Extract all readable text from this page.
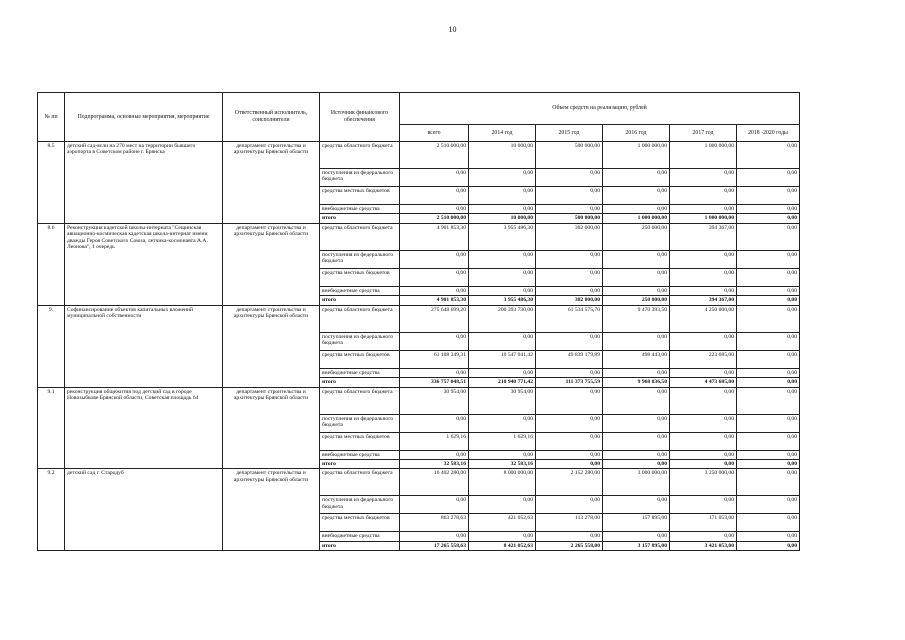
10
№ пп	Подпрограмма, основные мероприятия, мероприятие	Ответственный исполнитель, соисполнители	Источник финансового обеспечения	Объем средств на реализацию, рублей					
				всего	2014 год	2015 год	2016 год	2017 год	2018 -2020 годы
8.5	детский сад-ясли на 270 мест на территории бывшего аэропорта в Советском районе г. Брянска	департамент строительства и архитектуры Брянской области	средства областного бюджета	2 510 000,00	10 000,00	500 000,00	1 000 000,00	1 000 000,00	0,00
			поступления из федерального бюджета	0,00	0,00	0,00	0,00	0,00	0,00
			средства местных бюджетов	0,00	0,00	0,00	0,00	0,00	0,00
			внебюджетные средства	0,00	0,00	0,00	0,00	0,00	0,00
			итого	2 510 000,00	10 000,00	500 000,00	1 000 000,00	1 000 000,00	0,00
8.6	Реконструкция кадетской школы-интерната "Сещинская авиационно-космическая кадетская школа-интернат имени дважды Героя Советского Союза, летчика-космонавта А.А. Леонова", 1 очередь	департамент строительства и архитектуры Брянской области	средства областного бюджета	4 901 853,30	3 955 486,30	302 000,00	250 000,00	394 367,00	0,00
			поступления из федерального бюджета	0,00	0,00	0,00	0,00	0,00	0,00
			средства местных бюджетов	0,00	0,00	0,00	0,00	0,00	0,00
			внебюджетные средства	0,00	0,00	0,00	0,00	0,00	0,00
			итого	4 901 853,30	3 955 486,30	302 000,00	250 000,00	394 367,00	0,00
9.	Софинансирование объектов капитальных вложений муниципальной собственности	департамент строительства и архитектуры Брянской области	средства областного бюджета	275 648 699,20	200 393 730,00	61 534 575,70	9 470 393,50	4 250 000,00	0,00
			поступления из федерального бюджета	0,00	0,00	0,00	0,00	0,00	0,00
			средства местных бюджетов	61 108 349,31	10 547 041,42	49 839 179,89	498 443,00	223 685,00	0,00
			внебюджетные средства	0,00	0,00	0,00	0,00	0,00	0,00
			итого	336 757 048,51	210 940 771,42	111 373 755,59	9 968 836,50	4 473 685,00	0,00
9.1	реконструкция общежития под детский сад в городе Новозыбкове Брянской области, Советская площадь 64	департамент строительства и архитектуры Брянской области	средства областного бюджета	30 954,00	30 954,00	0,00	0,00	0,00	0,00
			поступления из федерального бюджета	0,00	0,00	0,00	0,00	0,00	0,00
			средства местных бюджетов	1 629,16	1 629,16	0,00	0,00	0,00	0,00
			внебюджетные средства	0,00	0,00	0,00	0,00	0,00	0,00
			итого	32 583,16	32 583,16	0,00	0,00	0,00	0,00
9.2	детский сад г. Стародуб	департамент строительства и архитектуры Брянской области	средства областного бюджета	16 402 280,00	8 000 000,00	2 152 280,00	3 000 000,00	3 250 000,00	0,00
			поступления из федерального бюджета	0,00	0,00	0,00	0,00	0,00	0,00
			средства местных бюджетов	863 278,63	421 052,63	113 278,00	157 895,00	171 053,00	0,00
			внебюджетные средства	0,00	0,00	0,00	0,00	0,00	0,00
			итого	17 265 558,63	8 421 052,63	2 265 558,00	3 157 895,00	3 421 053,00	0,00
